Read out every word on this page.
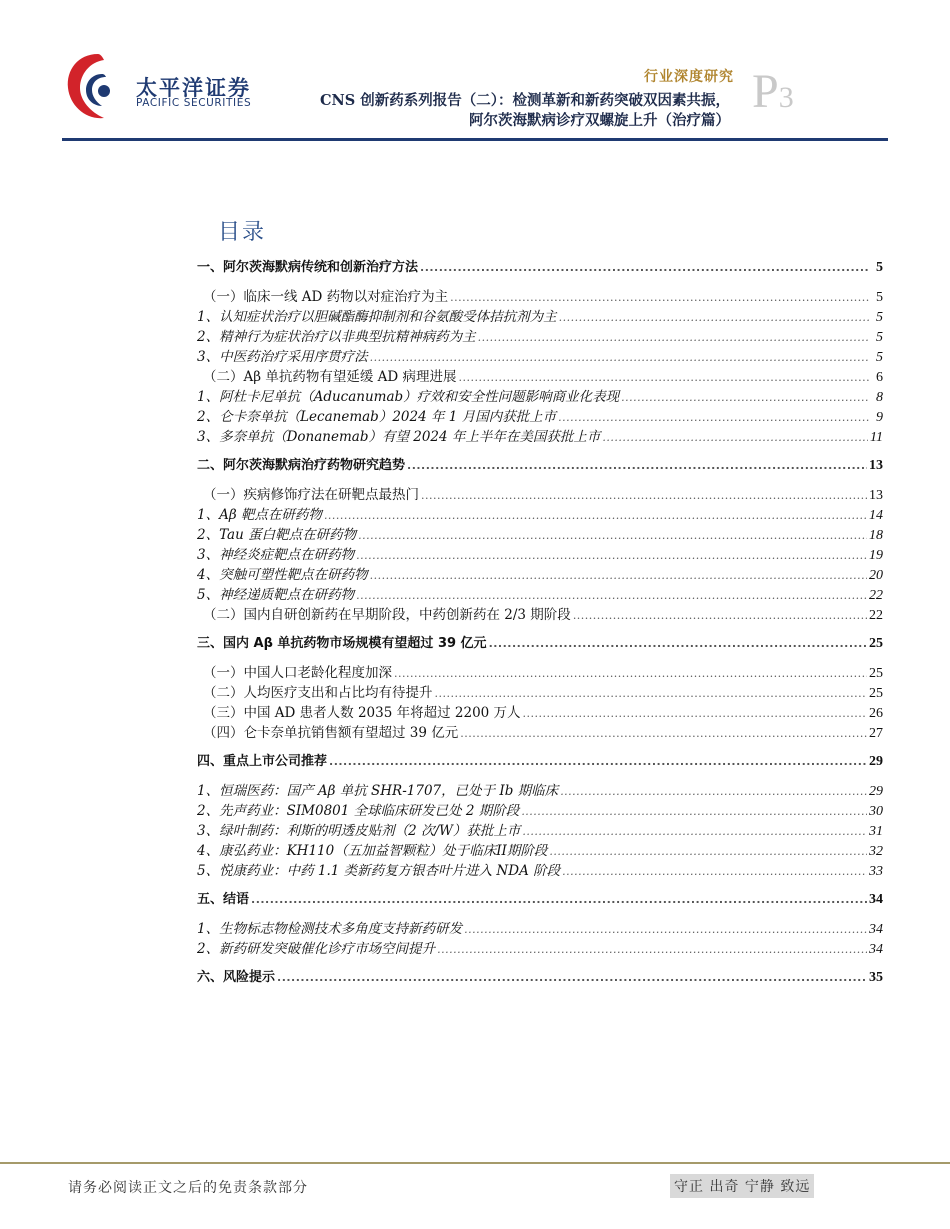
太平洋证券
PACIFIC SECURITIES
行业深度研究
CNS 创新药系列报告（二）：检测革新和新药突破双因素共振，
阿尔茨海默病诊疗双螺旋上升（治疗篇）
P3
目录
一、阿尔茨海默病传统和创新治疗方法 .....	5
（一）临床一线 AD 药物以对症治疗为主 .....	5
1、认知症状治疗以胆碱酯酶抑制剂和谷氨酸受体拮抗剂为主 .....	5
2、精神行为症状治疗以非典型抗精神病药为主 .....	5
3、中医药治疗采用序贯疗法 .....	5
（二）Aβ 单抗药物有望延缓 AD 病理进展 .....	6
1、阿杜卡尼单抗（Aducanumab）疗效和安全性问题影响商业化表现 .....	8
2、仑卡奈单抗（Lecanemab）2024 年 1 月国内获批上市 .....	9
3、多奈单抗（Donanemab）有望 2024 年上半年在美国获批上市 .....	11
二、阿尔茨海默病治疗药物研究趋势 .....	13
（一）疾病修饰疗法在研靶点最热门 .....	13
1、Aβ 靶点在研药物 .....	14
2、Tau 蛋白靶点在研药物 .....	18
3、神经炎症靶点在研药物 .....	19
4、突触可塑性靶点在研药物 .....	20
5、神经递质靶点在研药物 .....	22
（二）国内自研创新药在早期阶段，中药创新药在 2/3 期阶段 .....	22
三、国内 Aβ 单抗药物市场规模有望超过 39 亿元 .....	25
（一）中国人口老龄化程度加深 .....	25
（二）人均医疗支出和占比均有待提升 .....	25
（三）中国 AD 患者人数 2035 年将超过 2200 万人 .....	26
（四）仑卡奈单抗销售额有望超过 39 亿元 .....	27
四、重点上市公司推荐 .....	29
1、恒瑞医药：国产 Aβ 单抗 SHR-1707，已处于 Ib 期临床 .....	29
2、先声药业：SIM0801 全球临床研发已处 2 期阶段 .....	30
3、绿叶制药：利斯的明透皮贴剂（2 次/W）获批上市 .....	31
4、康弘药业：KH110（五加益智颗粒）处于临床II期阶段 .....	32
5、悦康药业：中药 1.1 类新药复方银杏叶片进入 NDA 阶段 .....	33
五、结语 .....	34
1、生物标志物检测技术多角度支持新药研发 .....	34
2、新药研发突破催化诊疗市场空间提升 .....	34
六、风险提示 .....	35
请务必阅读正文之后的免责条款部分	守正 出奇 宁静 致远
